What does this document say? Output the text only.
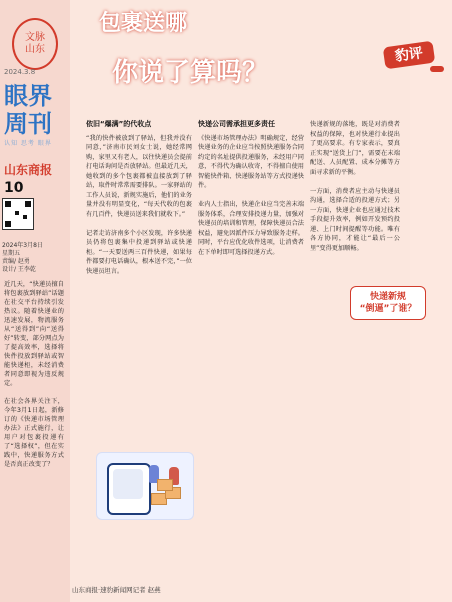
文脉
山东
2024.3.8
眼界
周刊
认知 思考 眼界
山东商报
10
2024年3月8日
星期五
责编/ 赵勇
设计/ 王李乾
近几天，“快递员擅自将包裹放到驿站”话题在社交平台持续引发热议。随着快递业的迅速发展，物流服务从“送得到”向“送得好”转变，部分网点为了提高效率，选择将快件投放到驿站或智能快递柜，未经消费者同意即视为违反规定。

在社会各界关注下，今年3月1日起，新修订的《快递市场管理办法》正式施行，让用户对包裹投递有了“选择权”，但在实践中，快递服务方式是否真正改变了？
包裹送哪
你说了算吗？
豹评
依旧“爆满”的代收点
“我的快件被放到了驿站，但我并没有同意，”济南市民刘女士说，她经常网购，家里又有老人，以往快递员会提前打电话询问是否放驿站。但最近几天，她收到的多个包裹都被直接放到了驿站，取件时常常需要排队。一家驿站的工作人员说，新规实施后，他们的业务量并没有明显变化，“每天代收的包裹有几百件，快递员送来我们就收下。”

记者走访济南多个小区发现，许多快递员仍将包裹集中投递到驿站或快递柜。“一天要送两三百件快递，如果每件都要打电话确认，根本送不完，”一位快递员坦言。
快递公司需承担更多责任
《快递市场管理办法》明确规定，经营快递业务的企业应当按照快递服务合同约定的名址提供投递服务，未经用户同意，不得代为确认收寄，不得擅自使用智能快件箱、快递服务站等方式投递快件。

业内人士指出，快递企业应当完善末端服务体系，合理安排投递力量，加强对快递员的培训和管理，保障快递员合法权益，避免因派件压力导致服务走样。同时，平台应优化收件选项，让消费者在下单时即可选择投递方式。
快递新规的落地，既是对消费者权益的保障，也对快递行业提出了更高要求。有专家表示，要真正实现“送货上门”，需要在末端配送、人员配置、成本分摊等方面寻求新的平衡。

一方面，消费者应主动与快递员沟通，选择合适的投递方式；另一方面，快递企业也应通过技术手段提升效率，例如开发预约投递、上门时间提醒等功能。唯有各方协同，才能让“最后一公里”变得更加顺畅。
快递新规
“倒逼”了谁？
山东商报·速豹新闻网记者 赵燕
